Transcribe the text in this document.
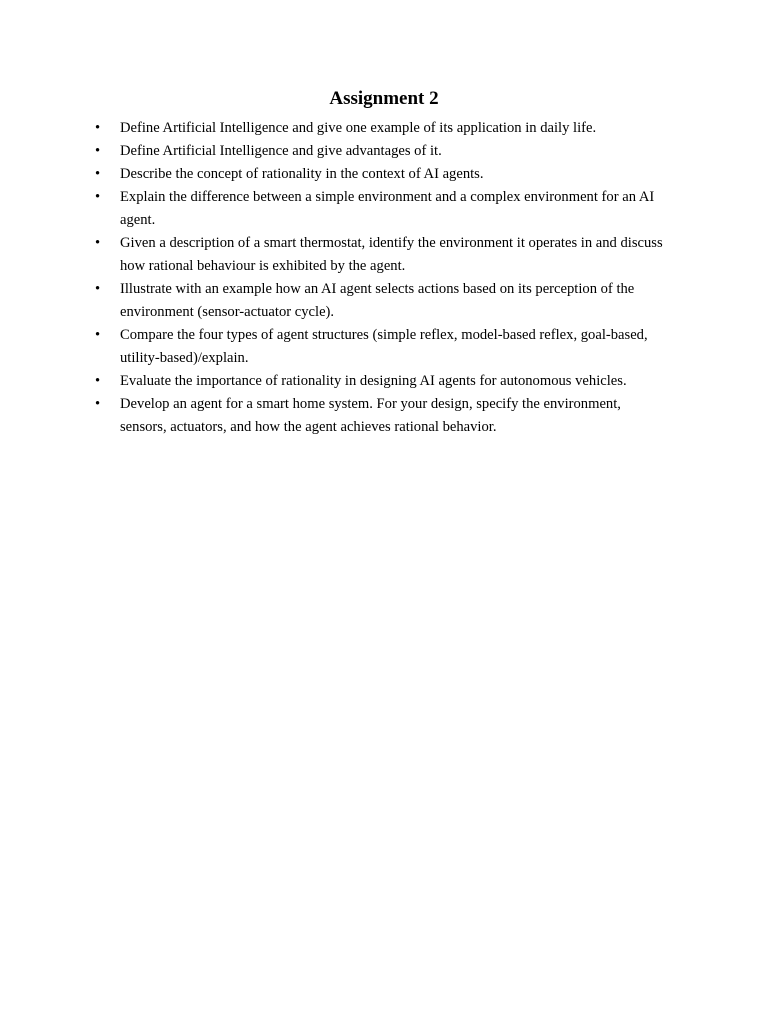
Assignment 2
•	Define Artificial Intelligence and give one example of its application in daily life.
•	Define Artificial Intelligence and give advantages of it.
•	Describe the concept of rationality in the context of AI agents.
•	Explain the difference between a simple environment and a complex environment for an AI agent.
•	Given a description of a smart thermostat, identify the environment it operates in and discuss how rational behaviour is exhibited by the agent.
•	Illustrate with an example how an AI agent selects actions based on its perception of the environment (sensor-actuator cycle).
•	Compare the four types of agent structures (simple reflex, model-based reflex, goal-based, utility-based)/explain.
•	Evaluate the importance of rationality in designing AI agents for autonomous vehicles.
•	Develop an agent for a smart home system. For your design, specify the environment, sensors, actuators, and how the agent achieves rational behavior.
